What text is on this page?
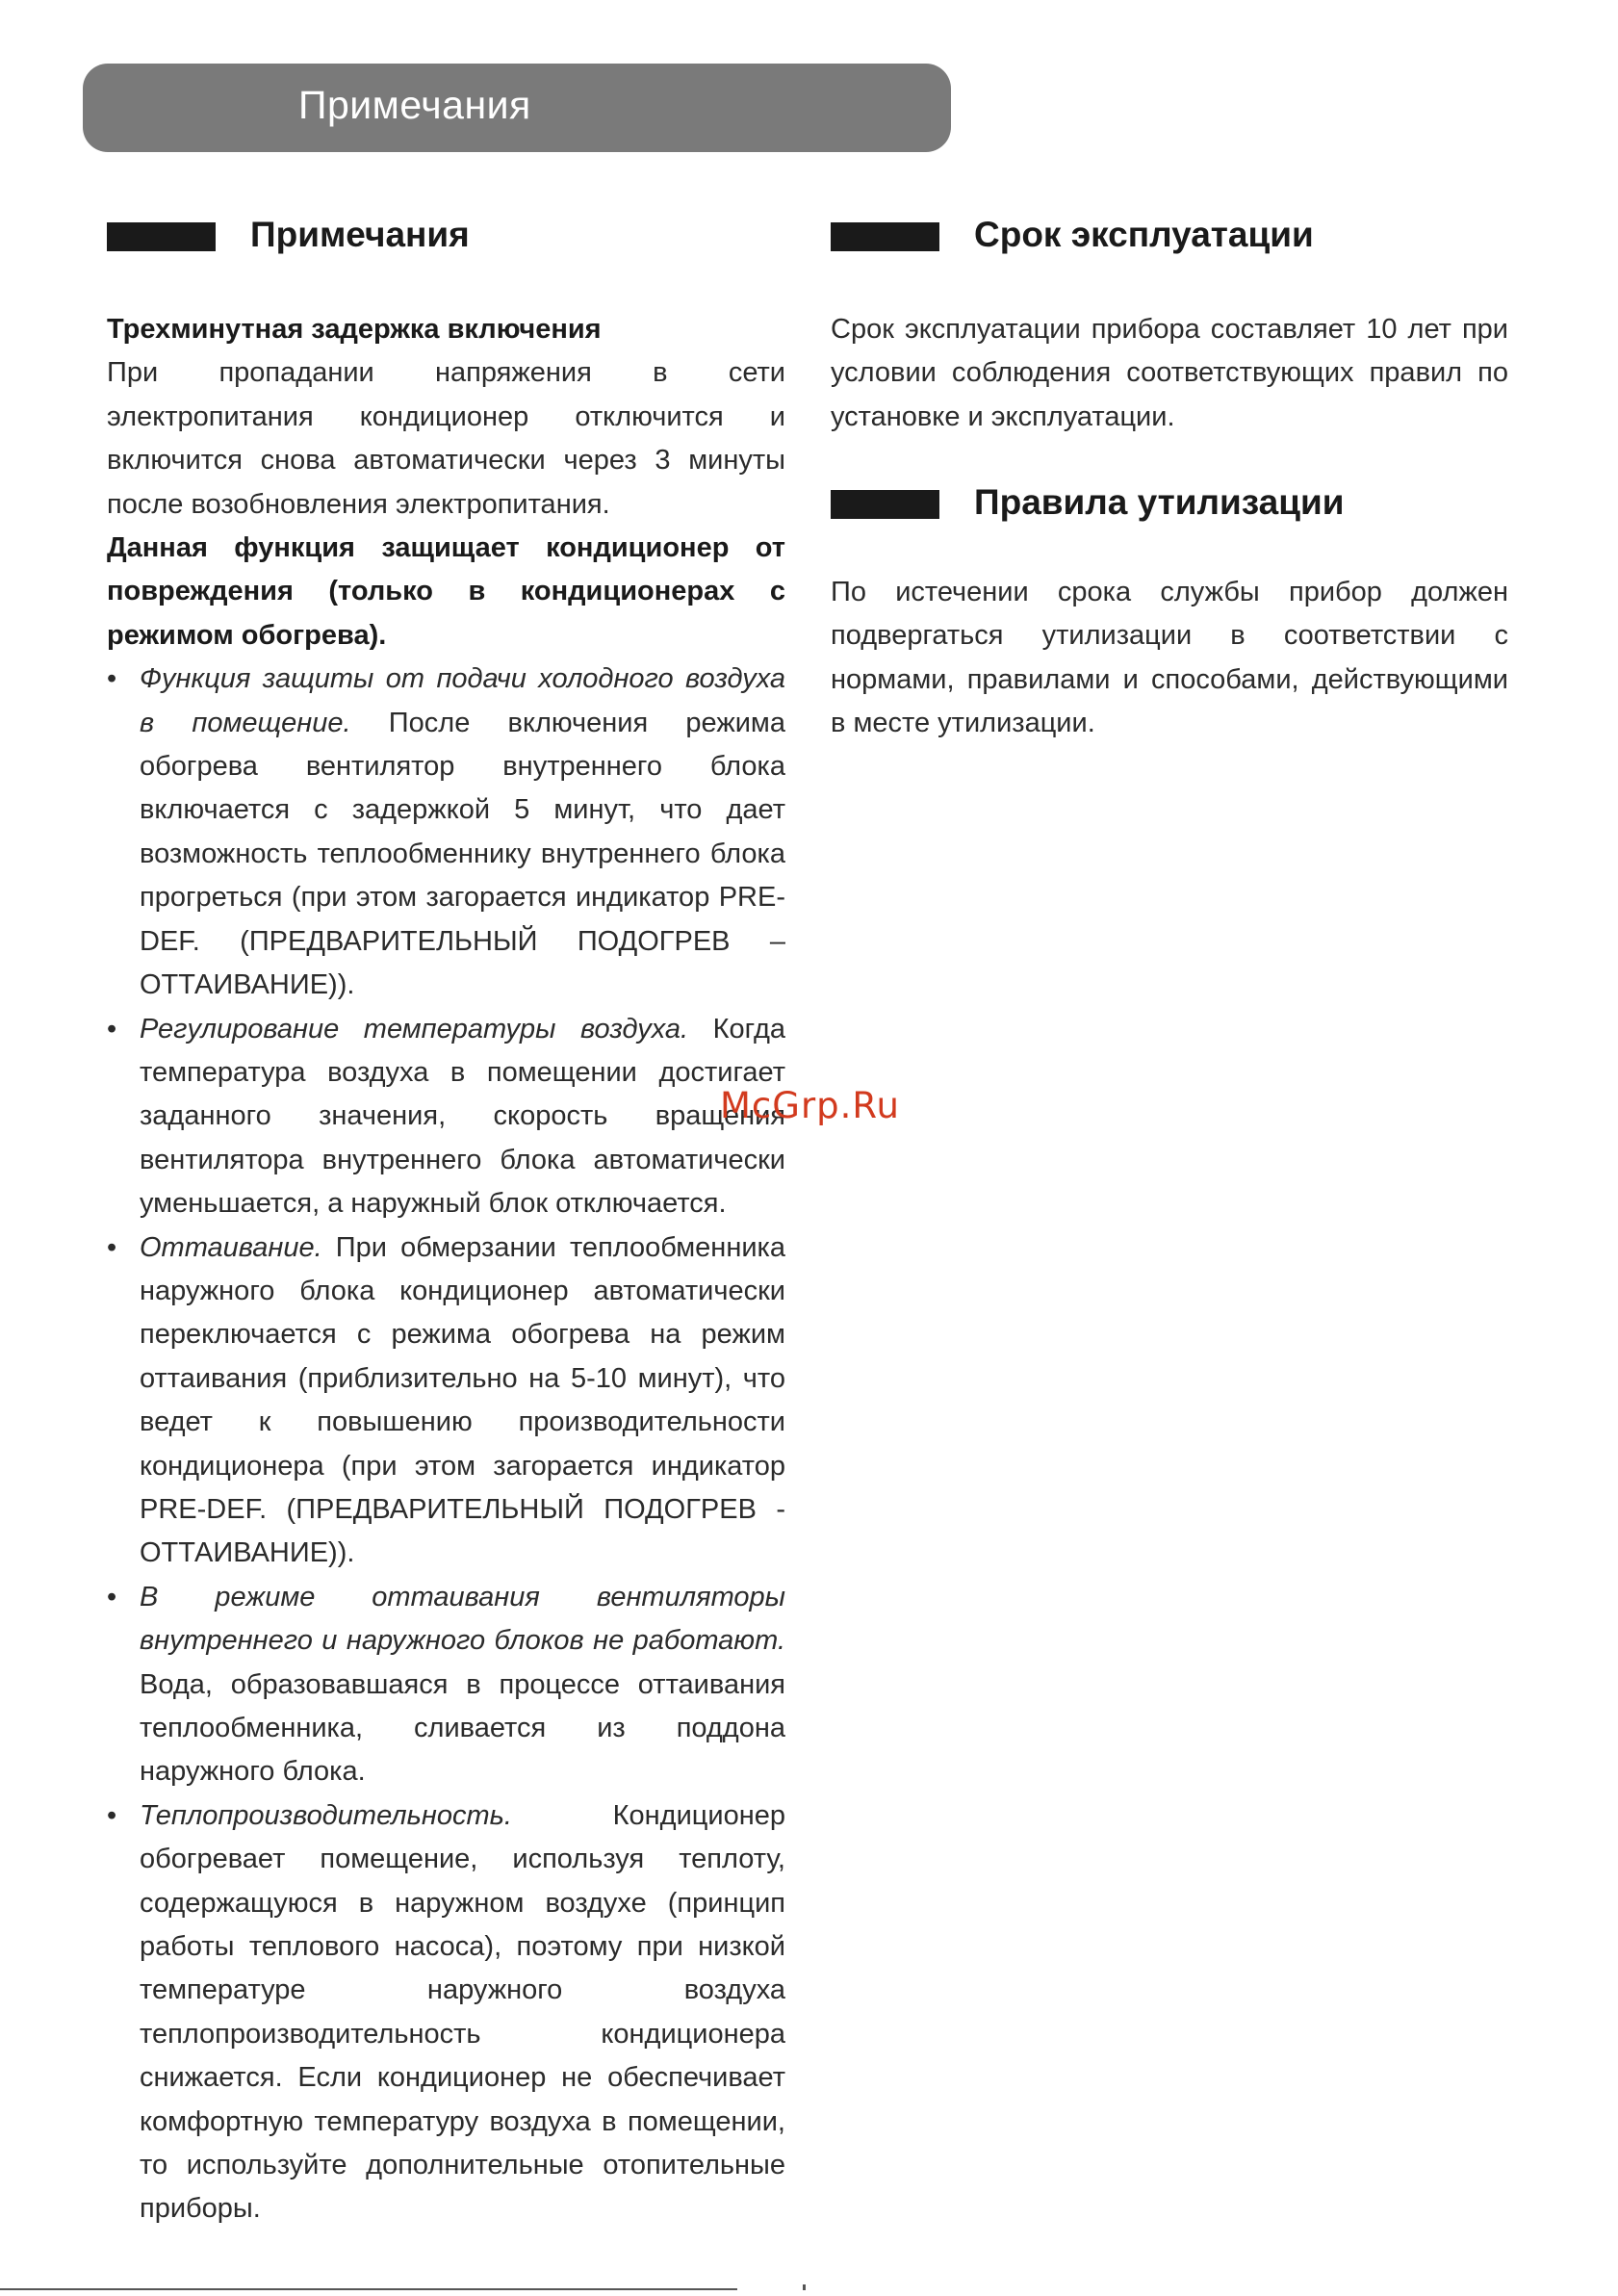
Примечания
Примечания

Трехминутная задержка включения

При пропадании напряжения в сети электропитания кондиционер отключится и включится снова автоматически через 3 минуты после возобновления электропитания.

Данная функция защищает кондиционер от повреждения (только в кондиционерах с режимом обогрева).

• Функция защиты от подачи холодного воздуха в помещение. После включения режима обогрева вентилятор внутреннего блока включается с задержкой 5 минут, что дает возможность теплообменнику внутреннего блока прогреться (при этом загорается индикатор PRE-DEF. (ПРЕДВАРИТЕЛЬНЫЙ ПОДОГРЕВ – ОТТАИВАНИЕ)).
• Регулирование температуры воздуха. Когда температура воздуха в помещении достигает заданного значения, скорость вращения вентилятора внутреннего блока автоматически уменьшается, а наружный блок отключается.
• Оттаивание. При обмерзании теплообменника наружного блока кондиционер автоматически переключается с режима обогрева на режим оттаивания (приблизительно на 5-10 минут), что ведет к повышению производительности кондиционера (при этом загорается индикатор PRE-DEF. (ПРЕДВАРИТЕЛЬНЫЙ ПОДОГРЕВ - ОТТАИВАНИЕ)).
• В режиме оттаивания вентиляторы внутреннего и наружного блоков не работают. Вода, образовавшаяся в процессе оттаивания теплообменника, сливается из поддона наружного блока.
• Теплопроизводительность. Кондиционер обогревает помещение, используя теплоту, содержащуюся в наружном воздухе (принцип работы теплового насоса), поэтому при низкой температуре наружного воздуха теплопроизводительность кондиционера снижается. Если кондиционер не обеспечивает комфортную температуру воздуха в помещении, то используйте дополнительные отопительные приборы.
Срок эксплуатации

Срок эксплуатации прибора составляет 10 лет при условии соблюдения соответствующих правил по установке и эксплуатации.

Правила утилизации

По истечении срока службы прибор должен подвергаться утилизации в соответствии с нормами, правилами и способами, действующими в месте утилизации.

McGrp.Ru
